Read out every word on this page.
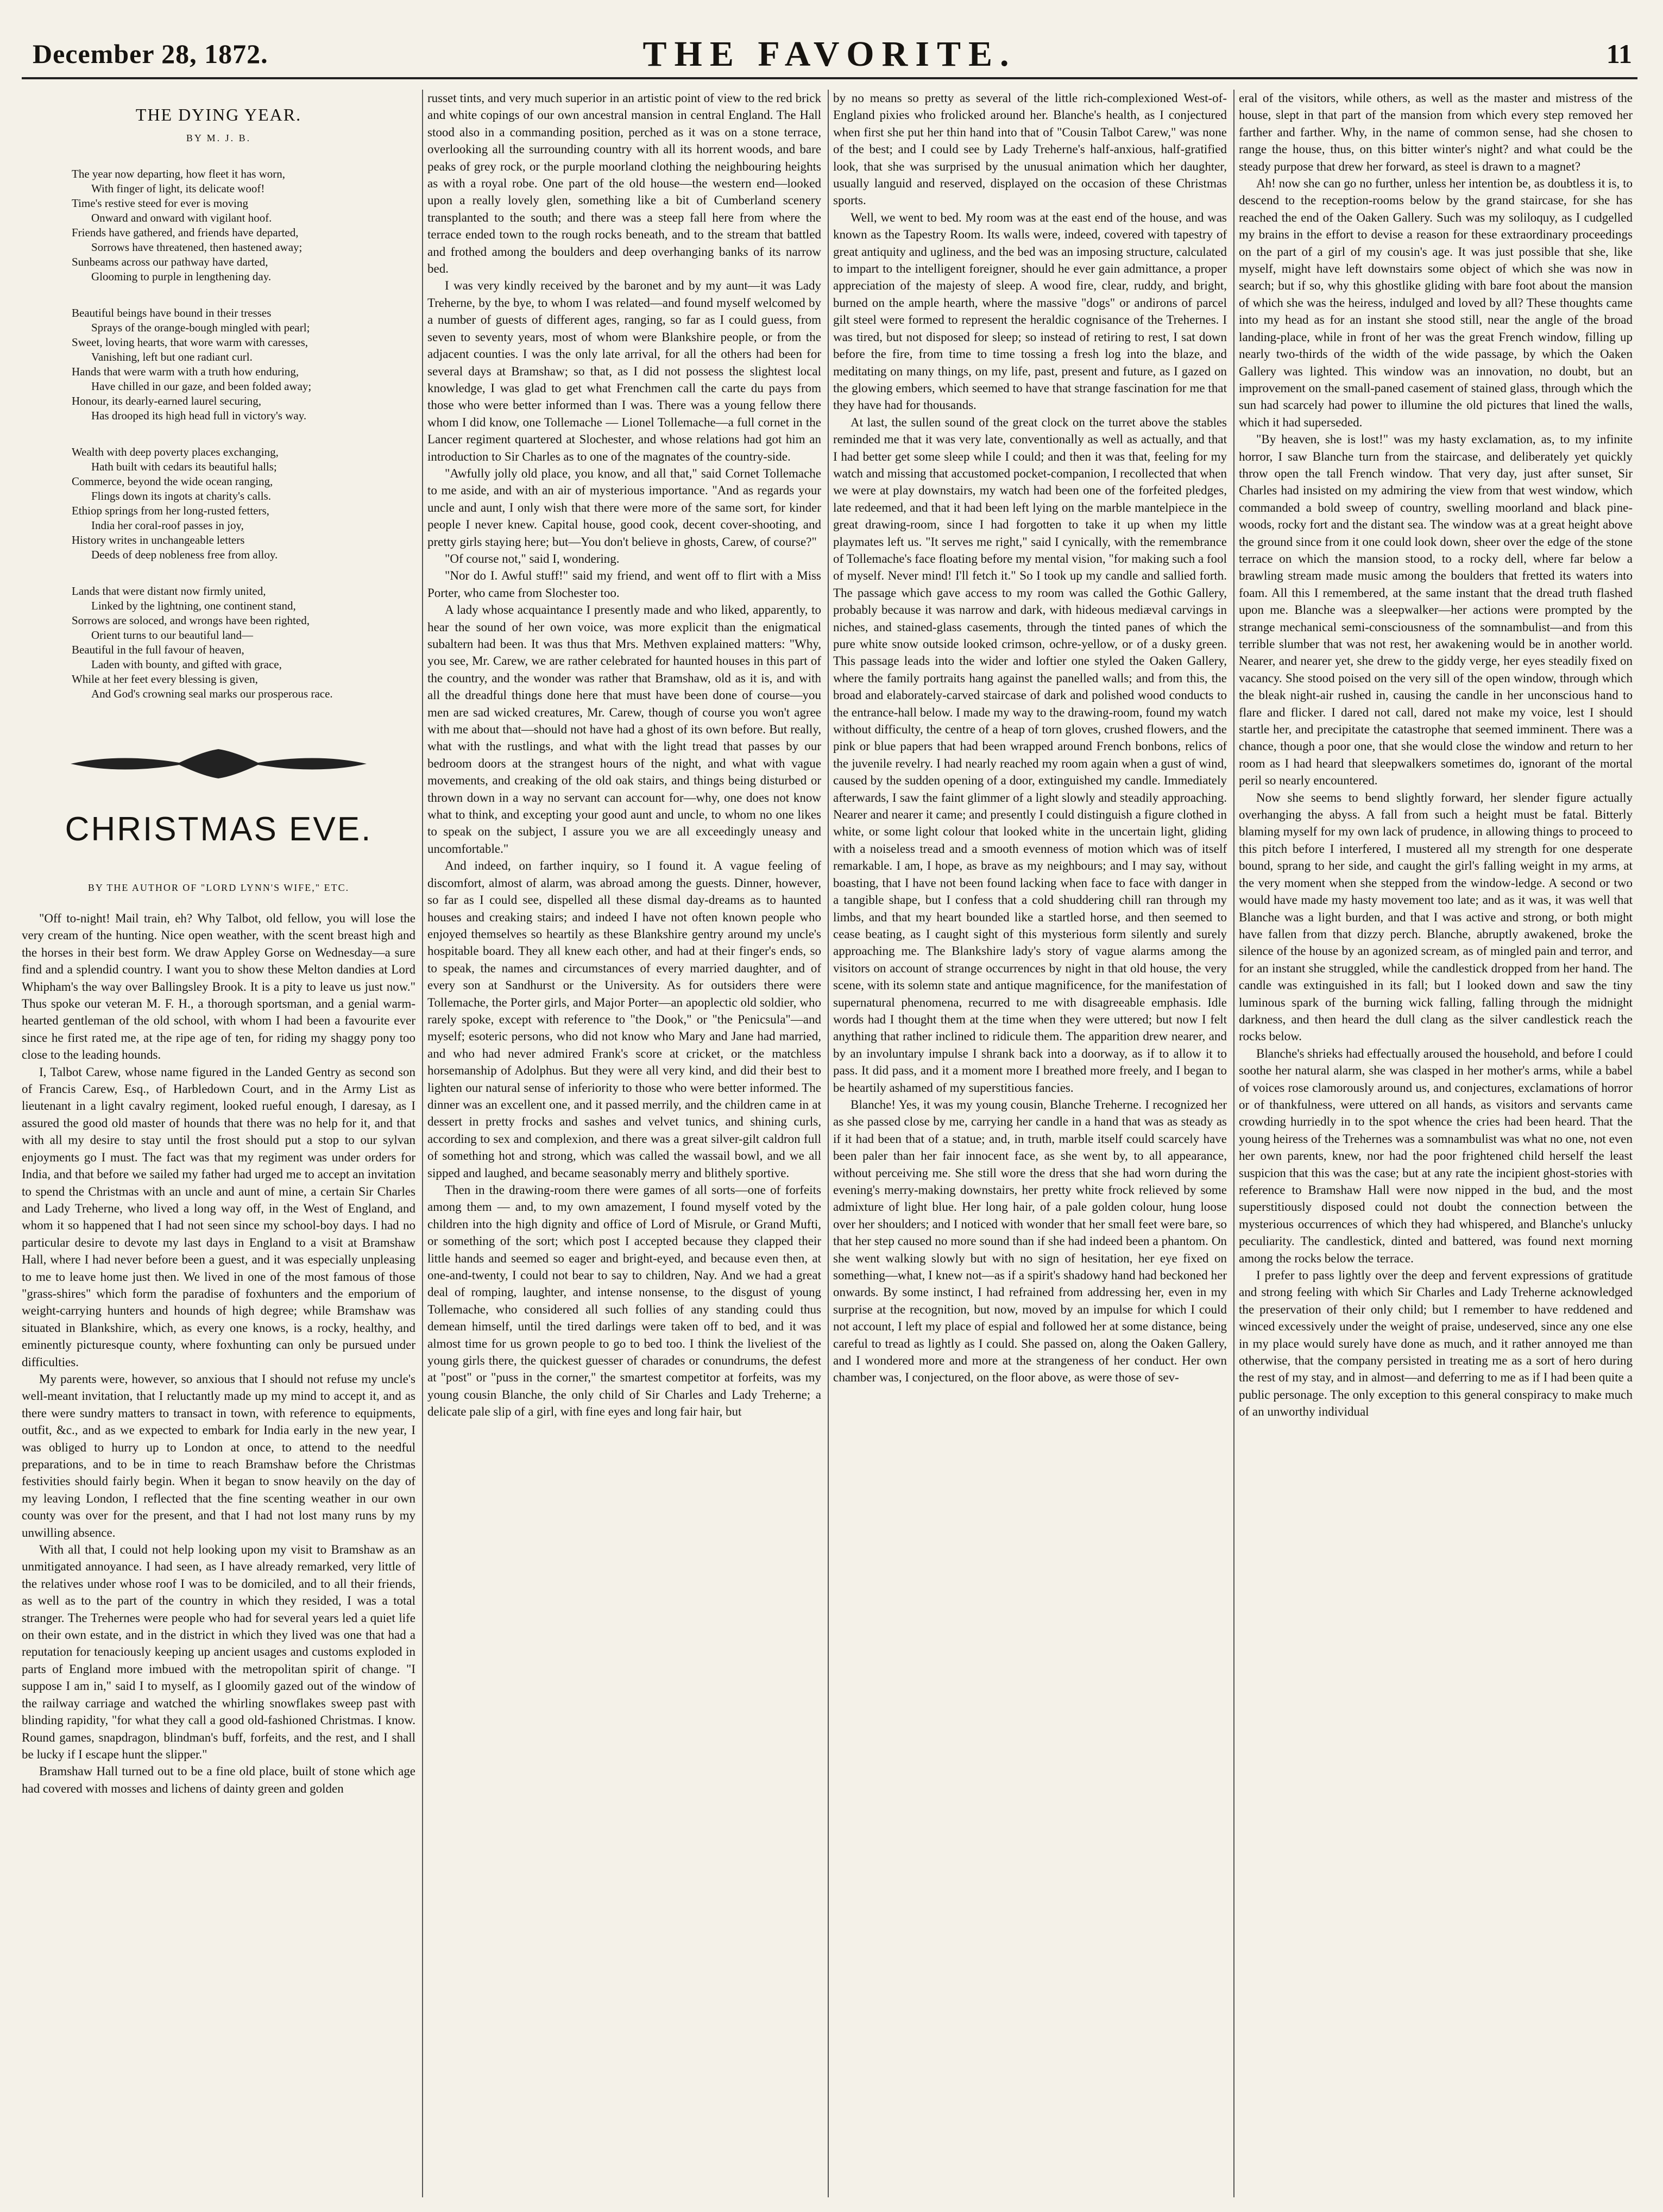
December 28, 1872.	THE FAVORITE.	11
THE DYING YEAR.
BY M. J. B.
The year now departing, how fleet it has worn,
With finger of light, its delicate woof!
Time's restive steed for ever is moving
Onward and onward with vigilant hoof.
Friends have gathered, and friends have departed,
Sorrows have threatened, then hastened away;
Sunbeams across our pathway have darted,
Glooming to purple in lengthening day.
Beautiful beings have bound in their tresses
Sprays of the orange-bough mingled with pearl;
Sweet, loving hearts, that wore warm with caresses,
Vanishing, left but one radiant curl.
Hands that were warm with a truth how enduring,
Have chilled in our gaze, and been folded away;
Honour, its dearly-earned laurel securing,
Has drooped its high head full in victory's way.
Wealth with deep poverty places exchanging,
Hath built with cedars its beautiful halls;
Commerce, beyond the wide ocean ranging,
Flings down its ingots at charity's calls.
Ethiop springs from her long-rusted fetters,
India her coral-roof passes in joy,
History writes in unchangeable letters
Deeds of deep nobleness free from alloy.
Lands that were distant now firmly united,
Linked by the lightning, one continent stand,
Sorrows are soloced, and wrongs have been righted,
Orient turns to our beautiful land—
Beautiful in the full favour of heaven,
Laden with bounty, and gifted with grace,
While at her feet every blessing is given,
And God's crowning seal marks our prosperous race.
CHRISTMAS EVE.
BY THE AUTHOR OF "LORD LYNN'S WIFE," ETC.

"Off to-night! Mail train, eh? Why Talbot, old fellow, you will lose the very cream of the hunting. Nice open weather, with the scent breast high and the horses in their best form. We draw Appley Gorse on Wednesday—a sure find and a splendid country. I want you to show these Melton dandies at Lord Whipham's the way over Ballingsley Brook. It is a pity to leave us just now." Thus spoke our veteran M. F. H., a thorough sportsman, and a genial warm-hearted gentleman of the old school, with whom I had been a favourite ever since he first rated me, at the ripe age of ten, for riding my shaggy pony too close to the leading hounds.

I, Talbot Carew, whose name figured in the Landed Gentry as second son of Francis Carew, Esq., of Harbledown Court, and in the Army List as lieutenant in a light cavalry regiment, looked rueful enough, I daresay, as I assured the good old master of hounds that there was no help for it, and that with all my desire to stay until the frost should put a stop to our sylvan enjoyments go I must. The fact was that my regiment was under orders for India, and that before we sailed my father had urged me to accept an invitation to spend the Christmas with an uncle and aunt of mine, a certain Sir Charles and Lady Treherne, who lived a long way off, in the West of England, and whom it so happened that I had not seen since my school-boy days. I had no particular desire to devote my last days in England to a visit at Bramshaw Hall, where I had never before been a guest, and it was especially unpleasing to me to leave home just then. We lived in one of the most famous of those "grass-shires" which form the paradise of foxhunters and the emporium of weight-carrying hunters and hounds of high degree; while Bramshaw was situated in Blankshire, which, as every one knows, is a rocky, healthy, and eminently picturesque county, where foxhunting can only be pursued under difficulties.

My parents were, however, so anxious that I should not refuse my uncle's well-meant invitation, that I reluctantly made up my mind to accept it, and as there were sundry matters to transact in town, with reference to equipments, outfit, &c., and as we expected to embark for India early in the new year, I was obliged to hurry up to London at once, to attend to the needful preparations, and to be in time to reach Bramshaw before the Christmas festivities should fairly begin. When it began to snow heavily on the day of my leaving London, I reflected that the fine scenting weather in our own county was over for the present, and that I had not lost many runs by my unwilling absence.

With all that, I could not help looking upon my visit to Bramshaw as an unmitigated annoyance. I had seen, as I have already remarked, very little of the relatives under whose roof I was to be domiciled, and to all their friends, as well as to the part of the country in which they resided, I was a total stranger. The Trehernes were people who had for several years led a quiet life on their own estate, and in the district in which they lived was one that had a reputation for tenaciously keeping up ancient usages and customs exploded in parts of England more imbued with the metropolitan spirit of change. "I suppose I am in," said I to myself, as I gloomily gazed out of the window of the railway carriage and watched the whirling snowflakes sweep past with blinding rapidity, "for what they call a good old-fashioned Christmas. I know. Round games, snapdragon, blindman's buff, forfeits, and the rest, and I shall be lucky if I escape hunt the slipper."

Bramshaw Hall turned out to be a fine old place, built of stone which age had covered with mosses and lichens of dainty green and golden

russet tints, and very much superior in an artistic point of view to the red brick and white copings of our own ancestral mansion in central England. The Hall stood also in a commanding position, perched as it was on a stone terrace, overlooking all the surrounding country with all its horrent woods, and bare peaks of grey rock, or the purple moorland clothing the neighbouring heights as with a royal robe. One part of the old house—the western end—looked upon a really lovely glen, something like a bit of Cumberland scenery transplanted to the south; and there was a steep fall here from where the terrace ended town to the rough rocks beneath, and to the stream that battled and frothed among the boulders and deep overhanging banks of its narrow bed.

I was very kindly received by the baronet and by my aunt—it was Lady Treherne, by the bye, to whom I was related—and found myself welcomed by a number of guests of different ages, ranging, so far as I could guess, from seven to seventy years, most of whom were Blankshire people, or from the adjacent counties. I was the only late arrival, for all the others had been for several days at Bramshaw; so that, as I did not possess the slightest local knowledge, I was glad to get what Frenchmen call the carte du pays from those who were better informed than I was. There was a young fellow there whom I did know, one Tollemache — Lionel Tollemache—a full cornet in the Lancer regiment quartered at Slochester, and whose relations had got him an introduction to Sir Charles as to one of the magnates of the country-side.

"Awfully jolly old place, you know, and all that," said Cornet Tollemache to me aside, and with an air of mysterious importance. "And as regards your uncle and aunt, I only wish that there were more of the same sort, for kinder people I never knew. Capital house, good cook, decent cover-shooting, and pretty girls staying here; but—You don't believe in ghosts, Carew, of course?"

"Of course not," said I, wondering.

"Nor do I. Awful stuff!" said my friend, and went off to flirt with a Miss Porter, who came from Slochester too.

A lady whose acquaintance I presently made and who liked, apparently, to hear the sound of her own voice, was more explicit than the enigmatical subaltern had been. It was thus that Mrs. Methven explained matters: "Why, you see, Mr. Carew, we are rather celebrated for haunted houses in this part of the country, and the wonder was rather that Bramshaw, old as it is, and with all the dreadful things done here that must have been done of course—you men are sad wicked creatures, Mr. Carew, though of course you won't agree with me about that—should not have had a ghost of its own before. But really, what with the rustlings, and what with the light tread that passes by our bedroom doors at the strangest hours of the night, and what with vague movements, and creaking of the old oak stairs, and things being disturbed or thrown down in a way no servant can account for—why, one does not know what to think, and excepting your good aunt and uncle, to whom no one likes to speak on the subject, I assure you we are all exceedingly uneasy and uncomfortable."

And indeed, on farther inquiry, so I found it. A vague feeling of discomfort, almost of alarm, was abroad among the guests. Dinner, however, so far as I could see, dispelled all these dismal day-dreams as to haunted houses and creaking stairs; and indeed I have not often known people who enjoyed themselves so heartily as these Blankshire gentry around my uncle's hospitable board. They all knew each other, and had at their finger's ends, so to speak, the names and circumstances of every married daughter, and of every son at Sandhurst or the University. As for outsiders there were Tollemache, the Porter girls, and Major Porter—an apoplectic old soldier, who rarely spoke, except with reference to "the Dook," or "the Penicsula"—and myself; esoteric persons, who did not know who Mary and Jane had married, and who had never admired Frank's score at cricket, or the matchless horsemanship of Adolphus. But they were all very kind, and did their best to lighten our natural sense of inferiority to those who were better informed. The dinner was an excellent one, and it passed merrily, and the children came in at dessert in pretty frocks and sashes and velvet tunics, and shining curls, according to sex and complexion, and there was a great silver-gilt caldron full of something hot and strong, which was called the wassail bowl, and we all sipped and laughed, and became seasonably merry and blithely sportive.

Then in the drawing-room there were games of all sorts—one of forfeits among them — and, to my own amazement, I found myself voted by the children into the high dignity and office of Lord of Misrule, or Grand Mufti, or something of the sort; which post I accepted because they clapped their little hands and seemed so eager and bright-eyed, and because even then, at one-and-twenty, I could not bear to say to children, Nay. And we had a great deal of romping, laughter, and intense nonsense, to the disgust of young Tollemache, who considered all such follies of any standing could thus demean himself, until the tired darlings were taken off to bed, and it was almost time for us grown people to go to bed too. I think the liveliest of the young girls there, the quickest guesser of charades or conundrums, the defest at "post" or "puss in the corner," the smartest competitor at forfeits, was my young cousin Blanche, the only child of Sir Charles and Lady Treherne; a delicate pale slip of a girl, with fine eyes and long fair hair, but

by no means so pretty as several of the little rich-complexioned West-of-England pixies who frolicked around her. Blanche's health, as I conjectured when first she put her thin hand into that of "Cousin Talbot Carew," was none of the best; and I could see by Lady Treherne's half-anxious, half-gratified look, that she was surprised by the unusual animation which her daughter, usually languid and reserved, displayed on the occasion of these Christmas sports.

Well, we went to bed. My room was at the east end of the house, and was known as the Tapestry Room. Its walls were, indeed, covered with tapestry of great antiquity and ugliness, and the bed was an imposing structure, calculated to impart to the intelligent foreigner, should he ever gain admittance, a proper appreciation of the majesty of sleep. A wood fire, clear, ruddy, and bright, burned on the ample hearth, where the massive "dogs" or andirons of parcel gilt steel were formed to represent the heraldic cognisance of the Trehernes. I was tired, but not disposed for sleep; so instead of retiring to rest, I sat down before the fire, from time to time tossing a fresh log into the blaze, and meditating on many things, on my life, past, present and future, as I gazed on the glowing embers, which seemed to have that strange fascination for me that they have had for thousands.

At last, the sullen sound of the great clock on the turret above the stables reminded me that it was very late, conventionally as well as actually, and that I had better get some sleep while I could; and then it was that, feeling for my watch and missing that accustomed pocket-companion, I recollected that when we were at play downstairs, my watch had been one of the forfeited pledges, late redeemed, and that it had been left lying on the marble mantelpiece in the great drawing-room, since I had forgotten to take it up when my little playmates left us. "It serves me right," said I cynically, with the remembrance of Tollemache's face floating before my mental vision, "for making such a fool of myself. Never mind! I'll fetch it." So I took up my candle and sallied forth. The passage which gave access to my room was called the Gothic Gallery, probably because it was narrow and dark, with hideous mediæval carvings in niches, and stained-glass casements, through the tinted panes of which the pure white snow outside looked crimson, ochre-yellow, or of a dusky green. This passage leads into the wider and loftier one styled the Oaken Gallery, where the family portraits hang against the panelled walls; and from this, the broad and elaborately-carved staircase of dark and polished wood conducts to the entrance-hall below. I made my way to the drawing-room, found my watch without difficulty, the centre of a heap of torn gloves, crushed flowers, and the pink or blue papers that had been wrapped around French bonbons, relics of the juvenile revelry. I had nearly reached my room again when a gust of wind, caused by the sudden opening of a door, extinguished my candle. Immediately afterwards, I saw the faint glimmer of a light slowly and steadily approaching. Nearer and nearer it came; and presently I could distinguish a figure clothed in white, or some light colour that looked white in the uncertain light, gliding with a noiseless tread and a smooth evenness of motion which was of itself remarkable. I am, I hope, as brave as my neighbours; and I may say, without boasting, that I have not been found lacking when face to face with danger in a tangible shape, but I confess that a cold shuddering chill ran through my limbs, and that my heart bounded like a startled horse, and then seemed to cease beating, as I caught sight of this mysterious form silently and surely approaching me. The Blankshire lady's story of vague alarms among the visitors on account of strange occurrences by night in that old house, the very scene, with its solemn state and antique magnificence, for the manifestation of supernatural phenomena, recurred to me with disagreeable emphasis. Idle words had I thought them at the time when they were uttered; but now I felt anything that rather inclined to ridicule them. The apparition drew nearer, and by an involuntary impulse I shrank back into a doorway, as if to allow it to pass. It did pass, and it a moment more I breathed more freely, and I began to be heartily ashamed of my superstitious fancies.

Blanche! Yes, it was my young cousin, Blanche Treherne. I recognized her as she passed close by me, carrying her candle in a hand that was as steady as if it had been that of a statue; and, in truth, marble itself could scarcely have been paler than her fair innocent face, as she went by, to all appearance, without perceiving me. She still wore the dress that she had worn during the evening's merry-making downstairs, her pretty white frock relieved by some admixture of light blue. Her long hair, of a pale golden colour, hung loose over her shoulders; and I noticed with wonder that her small feet were bare, so that her step caused no more sound than if she had indeed been a phantom. On she went walking slowly but with no sign of hesitation, her eye fixed on something—what, I knew not—as if a spirit's shadowy hand had beckoned her onwards. By some instinct, I had refrained from addressing her, even in my surprise at the recognition, but now, moved by an impulse for which I could not account, I left my place of espial and followed her at some distance, being careful to tread as lightly as I could. She passed on, along the Oaken Gallery, and I wondered more and more at the strangeness of her conduct. Her own chamber was, I conjectured, on the floor above, as were those of sev-

eral of the visitors, while others, as well as the master and mistress of the house, slept in that part of the mansion from which every step removed her farther and farther. Why, in the name of common sense, had she chosen to range the house, thus, on this bitter winter's night? and what could be the steady purpose that drew her forward, as steel is drawn to a magnet?

Ah! now she can go no further, unless her intention be, as doubtless it is, to descend to the reception-rooms below by the grand staircase, for she has reached the end of the Oaken Gallery. Such was my soliloquy, as I cudgelled my brains in the effort to devise a reason for these extraordinary proceedings on the part of a girl of my cousin's age. It was just possible that she, like myself, might have left downstairs some object of which she was now in search; but if so, why this ghostlike gliding with bare foot about the mansion of which she was the heiress, indulged and loved by all? These thoughts came into my head as for an instant she stood still, near the angle of the broad landing-place, while in front of her was the great French window, filling up nearly two-thirds of the width of the wide passage, by which the Oaken Gallery was lighted. This window was an innovation, no doubt, but an improvement on the small-paned casement of stained glass, through which the sun had scarcely had power to illumine the old pictures that lined the walls, which it had superseded.

"By heaven, she is lost!" was my hasty exclamation, as, to my infinite horror, I saw Blanche turn from the staircase, and deliberately yet quickly throw open the tall French window. That very day, just after sunset, Sir Charles had insisted on my admiring the view from that west window, which commanded a bold sweep of country, swelling moorland and black pine-woods, rocky fort and the distant sea. The window was at a great height above the ground since from it one could look down, sheer over the edge of the stone terrace on which the mansion stood, to a rocky dell, where far below a brawling stream made music among the boulders that fretted its waters into foam. All this I remembered, at the same instant that the dread truth flashed upon me. Blanche was a sleepwalker—her actions were prompted by the strange mechanical semi-consciousness of the somnambulist—and from this terrible slumber that was not rest, her awakening would be in another world. Nearer, and nearer yet, she drew to the giddy verge, her eyes steadily fixed on vacancy. She stood poised on the very sill of the open window, through which the bleak night-air rushed in, causing the candle in her unconscious hand to flare and flicker. I dared not call, dared not make my voice, lest I should startle her, and precipitate the catastrophe that seemed imminent. There was a chance, though a poor one, that she would close the window and return to her room as I had heard that sleepwalkers sometimes do, ignorant of the mortal peril so nearly encountered.

Now she seems to bend slightly forward, her slender figure actually overhanging the abyss. A fall from such a height must be fatal. Bitterly blaming myself for my own lack of prudence, in allowing things to proceed to this pitch before I interfered, I mustered all my strength for one desperate bound, sprang to her side, and caught the girl's falling weight in my arms, at the very moment when she stepped from the window-ledge. A second or two would have made my hasty movement too late; and as it was, it was well that Blanche was a light burden, and that I was active and strong, or both might have fallen from that dizzy perch. Blanche, abruptly awakened, broke the silence of the house by an agonized scream, as of mingled pain and terror, and for an instant she struggled, while the candlestick dropped from her hand. The candle was extinguished in its fall; but I looked down and saw the tiny luminous spark of the burning wick falling, falling through the midnight darkness, and then heard the dull clang as the silver candlestick reach the rocks below.

Blanche's shrieks had effectually aroused the household, and before I could soothe her natural alarm, she was clasped in her mother's arms, while a babel of voices rose clamorously around us, and conjectures, exclamations of horror or of thankfulness, were uttered on all hands, as visitors and servants came crowding hurriedly in to the spot whence the cries had been heard. That the young heiress of the Trehernes was a somnambulist was what no one, not even her own parents, knew, nor had the poor frightened child herself the least suspicion that this was the case; but at any rate the incipient ghost-stories with reference to Bramshaw Hall were now nipped in the bud, and the most superstitiously disposed could not doubt the connection between the mysterious occurrences of which they had whispered, and Blanche's unlucky peculiarity. The candlestick, dinted and battered, was found next morning among the rocks below the terrace.

I prefer to pass lightly over the deep and fervent expressions of gratitude and strong feeling with which Sir Charles and Lady Treherne acknowledged the preservation of their only child; but I remember to have reddened and winced excessively under the weight of praise, undeserved, since any one else in my place would surely have done as much, and it rather annoyed me than otherwise, that the company persisted in treating me as a sort of hero during the rest of my stay, and in almost—and deferring to me as if I had been quite a public personage. The only exception to this general conspiracy to make much of an unworthy individual
